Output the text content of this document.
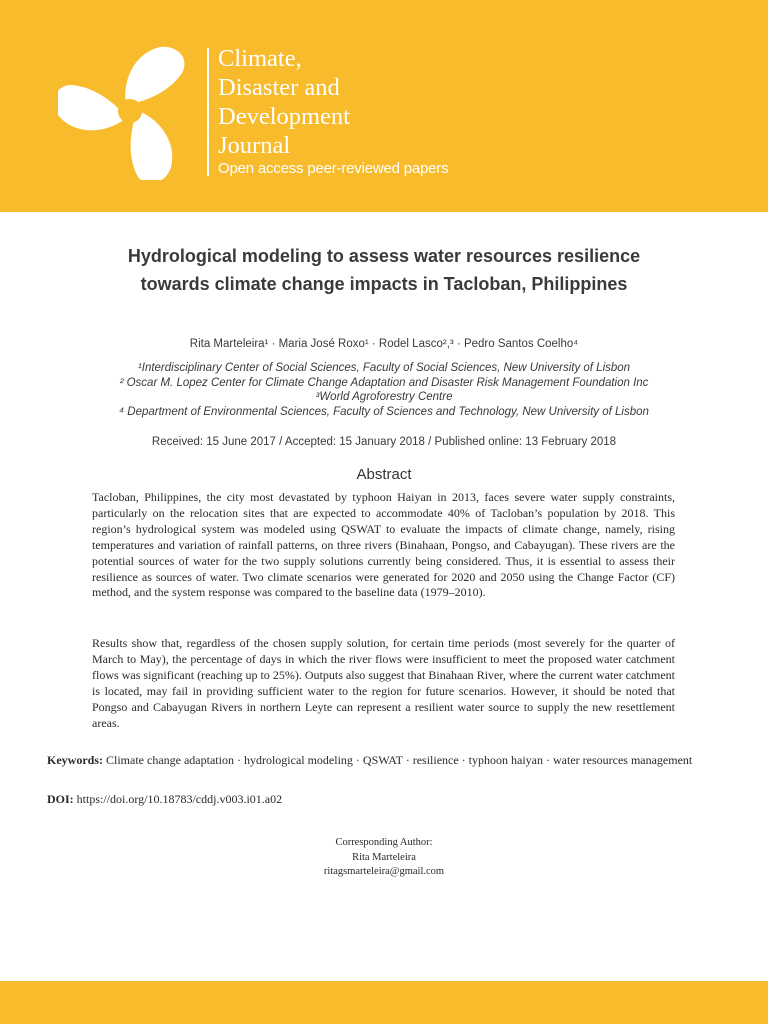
Climate,
Disaster and
Development
Journal
Open access peer-reviewed papers
Hydrological modeling to assess water resources resilience
towards climate change impacts in Tacloban, Philippines
Rita Marteleira¹ · Maria José Roxo¹ · Rodel Lasco²,³ · Pedro Santos Coelho⁴
¹Interdisciplinary Center of Social Sciences, Faculty of Social Sciences, New University of Lisbon
² Oscar M. Lopez Center for Climate Change Adaptation and Disaster Risk Management Foundation Inc
³World Agroforestry Centre
⁴ Department of Environmental Sciences, Faculty of Sciences and Technology, New University of Lisbon
Received: 15 June 2017 / Accepted: 15 January 2018 / Published online: 13 February 2018
Abstract

Tacloban, Philippines, the city most devastated by typhoon Haiyan in 2013, faces severe water supply constraints, particularly on the relocation sites that are expected to accommodate 40% of Tacloban’s population by 2018. This region’s hydrological system was modeled using QSWAT to evaluate the impacts of climate change, namely, rising temperatures and variation of rainfall patterns, on three rivers (Binahaan, Pongso, and Cabayugan). These rivers are the potential sources of water for the two supply solutions currently being considered. Thus, it is essential to assess their resilience as sources of water. Two climate scenarios were generated for 2020 and 2050 using the Change Factor (CF) method, and the system response was compared to the baseline data (1979–2010).

Results show that, regardless of the chosen supply solution, for certain time periods (most severely for the quarter of March to May), the percentage of days in which the river flows were insufficient to meet the proposed water catchment flows was significant (reaching up to 25%). Outputs also suggest that Binahaan River, where the current water catchment is located, may fail in providing sufficient water to the region for future scenarios. However, it should be noted that Pongso and Cabayugan Rivers in northern Leyte can represent a resilient water source to supply the new resettlement areas.

Keywords: Climate change adaptation · hydrological modeling · QSWAT · resilience · typhoon haiyan · water resources management

DOI: https://doi.org/10.18783/cddj.v003.i01.a02

Corresponding Author:
Rita Marteleira
ritagsmarteleira@gmail.com
